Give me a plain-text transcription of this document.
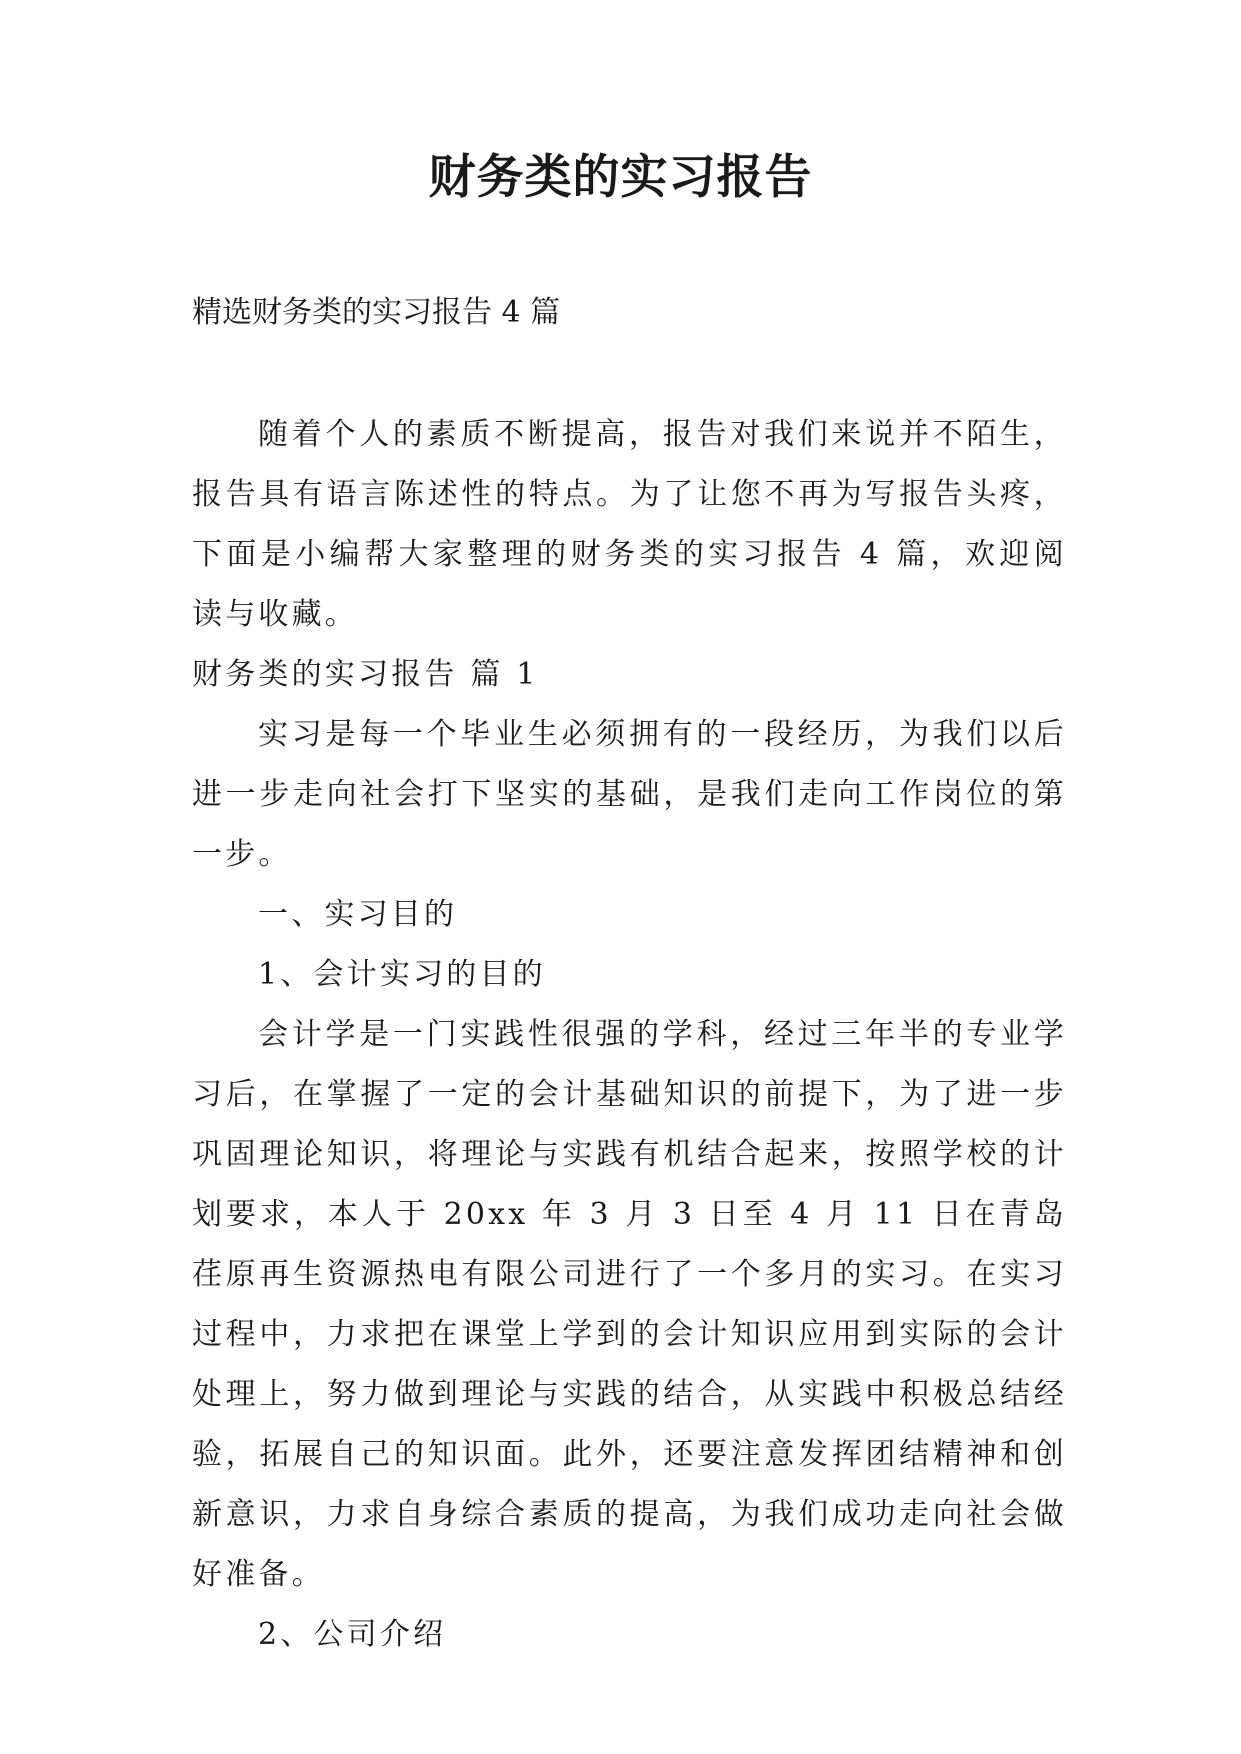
财务类的实习报告

精选财务类的实习报告 4 篇

随着个人的素质不断提高，报告对我们来说并不陌生，报告具有语言陈述性的特点。为了让您不再为写报告头疼，下面是小编帮大家整理的财务类的实习报告 4 篇，欢迎阅读与收藏。

财务类的实习报告 篇 1

实习是每一个毕业生必须拥有的一段经历，为我们以后进一步走向社会打下坚实的基础，是我们走向工作岗位的第一步。

一、实习目的

1、会计实习的目的

会计学是一门实践性很强的学科，经过三年半的专业学习后，在掌握了一定的会计基础知识的前提下，为了进一步巩固理论知识，将理论与实践有机结合起来，按照学校的计划要求，本人于 20xx 年 3 月 3 日至 4 月 11 日在青岛荏原再生资源热电有限公司进行了一个多月的实习。在实习过程中，力求把在课堂上学到的会计知识应用到实际的会计处理上，努力做到理论与实践的结合，从实践中积极总结经验，拓展自己的知识面。此外，还要注意发挥团结精神和创新意识，力求自身综合素质的提高，为我们成功走向社会做好准备。

2、公司介绍
